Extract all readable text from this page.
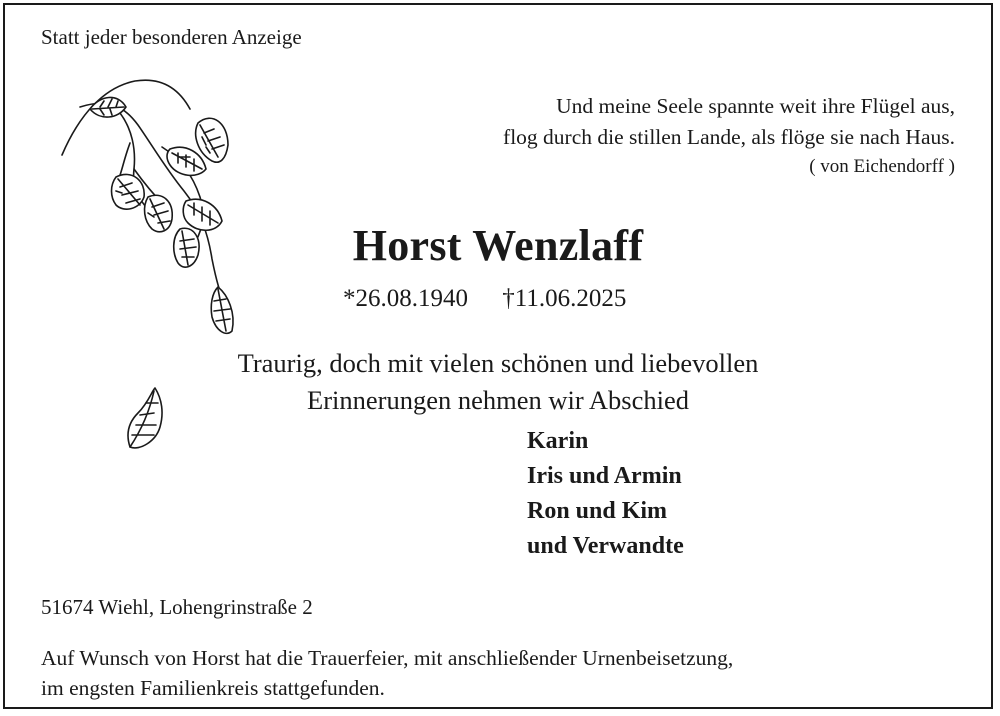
Statt jeder besonderen Anzeige
Und meine Seele spannte weit ihre Flügel aus,
flog durch die stillen Lande, als flöge sie nach Haus.
( von Eichendorff )
Horst Wenzlaff
*26.08.1940 †11.06.2025
Traurig, doch mit vielen schönen und liebevollen
Erinnerungen nehmen wir Abschied
Karin
Iris und Armin
Ron und Kim
und Verwandte
51674 Wiehl, Lohengrinstraße 2
Auf Wunsch von Horst hat die Trauerfeier, mit anschließender Urnenbeisetzung,
im engsten Familienkreis stattgefunden.
